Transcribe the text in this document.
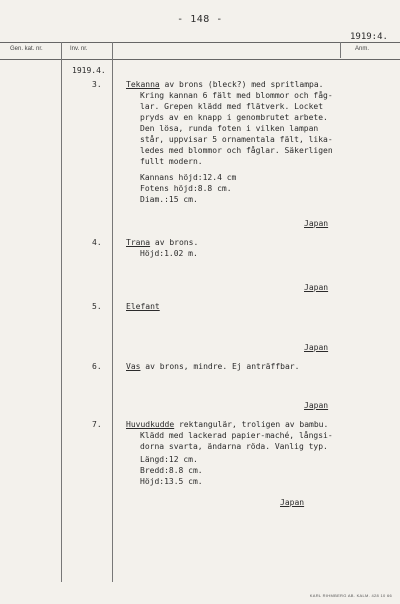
- 148 -
1919:4.
Gen. kat. nr.	Inv. nr.	Anm.
1919.4.
3.	Tekanna av brons (bleck?) med spritlampa.
Kring kannan 6 fält med blommor och fåg-
lar. Grepen klädd med flätverk. Locket
pryds av en knapp i genombrutet arbete.
Den lösa, runda foten i vilken lampan
står, uppvisar 5 ornamentala fält, lika-
ledes med blommor och fåglar. Säkerligen
fullt modern.
Kannans höjd:12.4 cm
Fotens höjd:8.8 cm.
Diam.:15 cm.
Japan
4.	Trana av brons.
Höjd:1.02 m.
Japan
5.	Elefant
Japan
6.	Vas av brons, mindre. Ej anträffbar.
Japan
7.	Huvudkudde rektangulär, troligen av bambu.
Klädd med lackerad papier-maché, långsi-
dorna svarta, ändarna röda. Vanlig typ.
Längd:12 cm.
Bredd:8.8 cm.
Höjd:13.5 cm.
Japan
KARL RIHMBERG AB. KALM. 428 10 66
